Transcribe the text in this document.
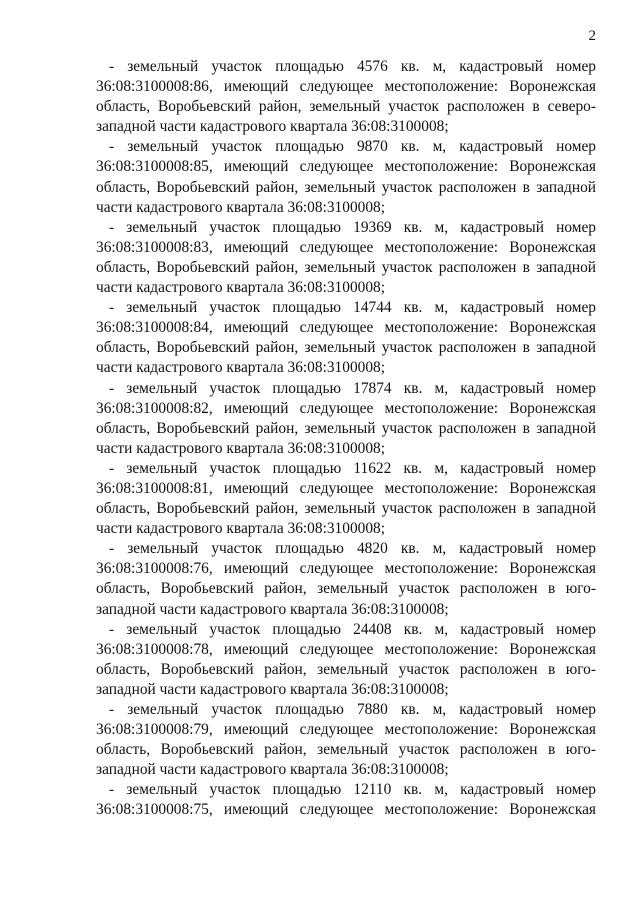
2

- земельный участок площадью 4576 кв. м, кадастровый номер 36:08:3100008:86, имеющий следующее местоположение: Воронежская область, Воробьевский район, земельный участок расположен в северо-западной части кадастрового квартала 36:08:3100008;

- земельный участок площадью 9870 кв. м, кадастровый номер 36:08:3100008:85, имеющий следующее местоположение: Воронежская область, Воробьевский район, земельный участок расположен в западной части кадастрового квартала 36:08:3100008;

- земельный участок площадью 19369 кв. м, кадастровый номер 36:08:3100008:83, имеющий следующее местоположение: Воронежская область, Воробьевский район, земельный участок расположен в западной части кадастрового квартала 36:08:3100008;

- земельный участок площадью 14744 кв. м, кадастровый номер 36:08:3100008:84, имеющий следующее местоположение: Воронежская область, Воробьевский район, земельный участок расположен в западной части кадастрового квартала 36:08:3100008;

- земельный участок площадью 17874 кв. м, кадастровый номер 36:08:3100008:82, имеющий следующее местоположение: Воронежская область, Воробьевский район, земельный участок расположен в западной части кадастрового квартала 36:08:3100008;

- земельный участок площадью 11622 кв. м, кадастровый номер 36:08:3100008:81, имеющий следующее местоположение: Воронежская область, Воробьевский район, земельный участок расположен в западной части кадастрового квартала 36:08:3100008;

- земельный участок площадью 4820 кв. м, кадастровый номер 36:08:3100008:76, имеющий следующее местоположение: Воронежская область, Воробьевский район, земельный участок расположен в юго-западной части кадастрового квартала 36:08:3100008;

- земельный участок площадью 24408 кв. м, кадастровый номер 36:08:3100008:78, имеющий следующее местоположение: Воронежская область, Воробьевский район, земельный участок расположен в юго-западной части кадастрового квартала 36:08:3100008;

- земельный участок площадью 7880 кв. м, кадастровый номер 36:08:3100008:79, имеющий следующее местоположение: Воронежская область, Воробьевский район, земельный участок расположен в юго-западной части кадастрового квартала 36:08:3100008;

- земельный участок площадью 12110 кв. м, кадастровый номер 36:08:3100008:75, имеющий следующее местоположение: Воронежская
